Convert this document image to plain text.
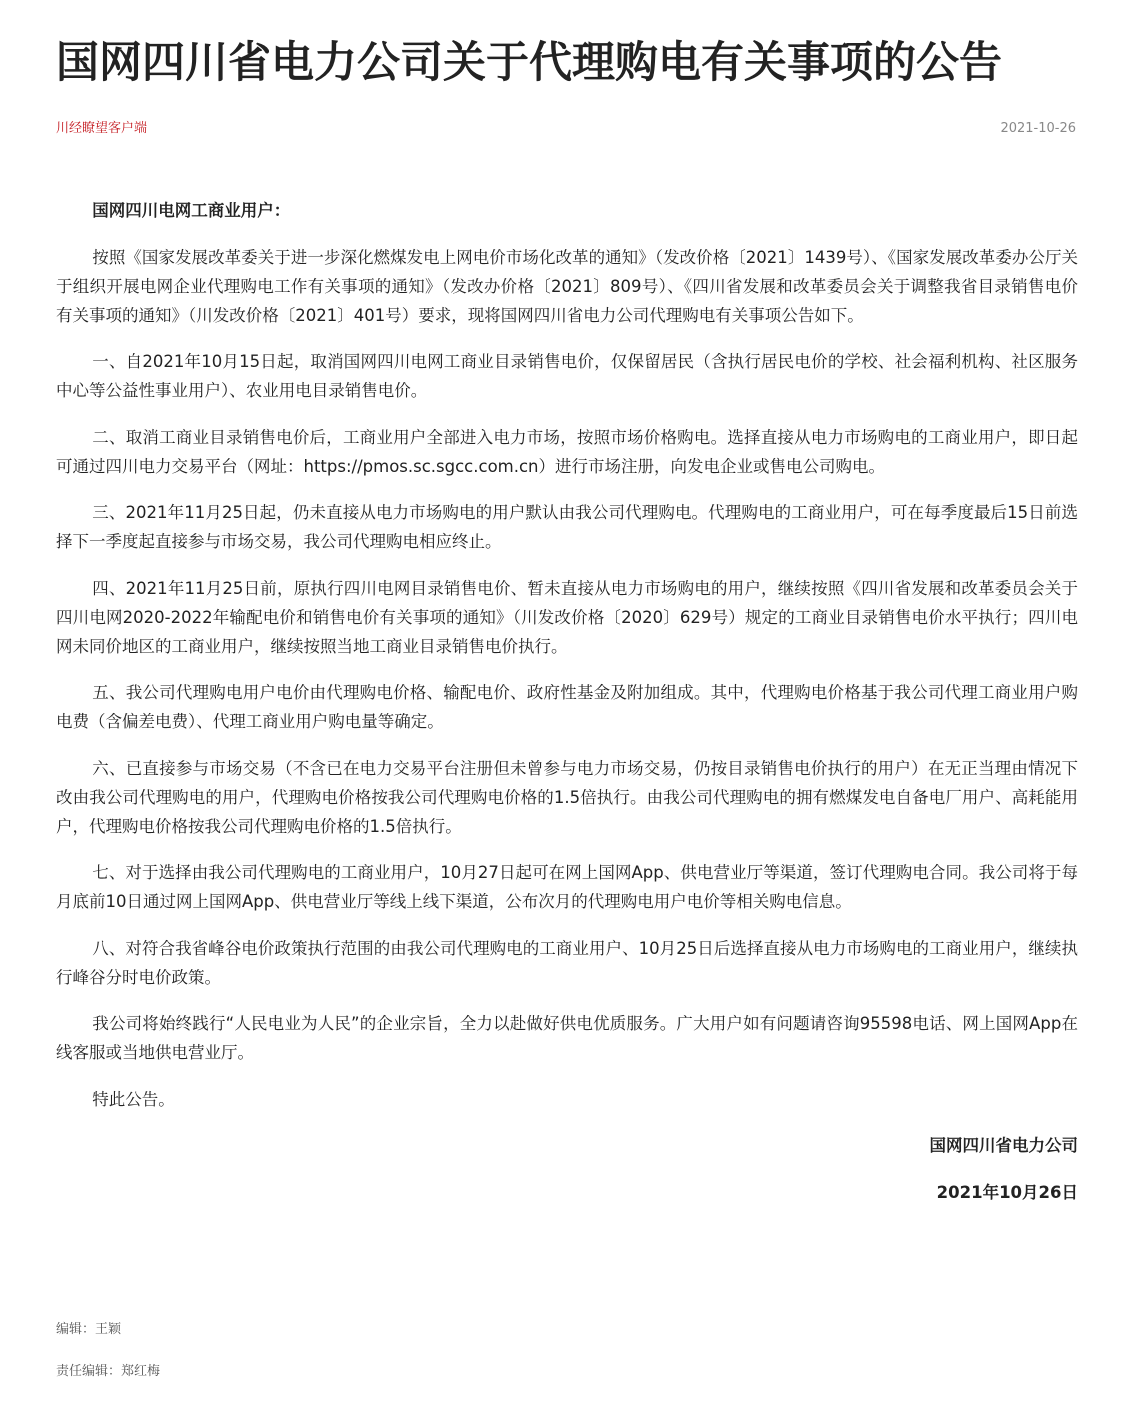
国网四川省电力公司关于代理购电有关事项的公告
川经瞭望客户端	2021-10-26

国网四川电网工商业用户：

按照《国家发展改革委关于进一步深化燃煤发电上网电价市场化改革的通知》（发改价格〔2021〕1439号）、《国家发展改革委办公厅关于组织开展电网企业代理购电工作有关事项的通知》（发改办价格〔2021〕809号）、《四川省发展和改革委员会关于调整我省目录销售电价有关事项的通知》（川发改价格〔2021〕401号）要求，现将国网四川省电力公司代理购电有关事项公告如下。

一、自2021年10月15日起，取消国网四川电网工商业目录销售电价，仅保留居民（含执行居民电价的学校、社会福利机构、社区服务中心等公益性事业用户）、农业用电目录销售电价。

二、取消工商业目录销售电价后，工商业用户全部进入电力市场，按照市场价格购电。选择直接从电力市场购电的工商业用户，即日起可通过四川电力交易平台（网址：https://pmos.sc.sgcc.com.cn）进行市场注册，向发电企业或售电公司购电。

三、2021年11月25日起，仍未直接从电力市场购电的用户默认由我公司代理购电。代理购电的工商业用户，可在每季度最后15日前选择下一季度起直接参与市场交易，我公司代理购电相应终止。

四、2021年11月25日前，原执行四川电网目录销售电价、暂未直接从电力市场购电的用户，继续按照《四川省发展和改革委员会关于四川电网2020-2022年输配电价和销售电价有关事项的通知》（川发改价格〔2020〕629号）规定的工商业目录销售电价水平执行；四川电网未同价地区的工商业用户，继续按照当地工商业目录销售电价执行。

五、我公司代理购电用户电价由代理购电价格、输配电价、政府性基金及附加组成。其中，代理购电价格基于我公司代理工商业用户购电费（含偏差电费）、代理工商业用户购电量等确定。

六、已直接参与市场交易（不含已在电力交易平台注册但未曾参与电力市场交易，仍按目录销售电价执行的用户）在无正当理由情况下改由我公司代理购电的用户，代理购电价格按我公司代理购电价格的1.5倍执行。由我公司代理购电的拥有燃煤发电自备电厂用户、高耗能用户，代理购电价格按我公司代理购电价格的1.5倍执行。

七、对于选择由我公司代理购电的工商业用户，10月27日起可在网上国网App、供电营业厅等渠道，签订代理购电合同。我公司将于每月底前10日通过网上国网App、供电营业厅等线上线下渠道，公布次月的代理购电用户电价等相关购电信息。

八、对符合我省峰谷电价政策执行范围的由我公司代理购电的工商业用户、10月25日后选择直接从电力市场购电的工商业用户，继续执行峰谷分时电价政策。

我公司将始终践行“人民电业为人民”的企业宗旨，全力以赴做好供电优质服务。广大用户如有问题请咨询95598电话、网上国网App在线客服或当地供电营业厅。

特此公告。

国网四川省电力公司

2021年10月26日

编辑：王颖
责任编辑：郑红梅
